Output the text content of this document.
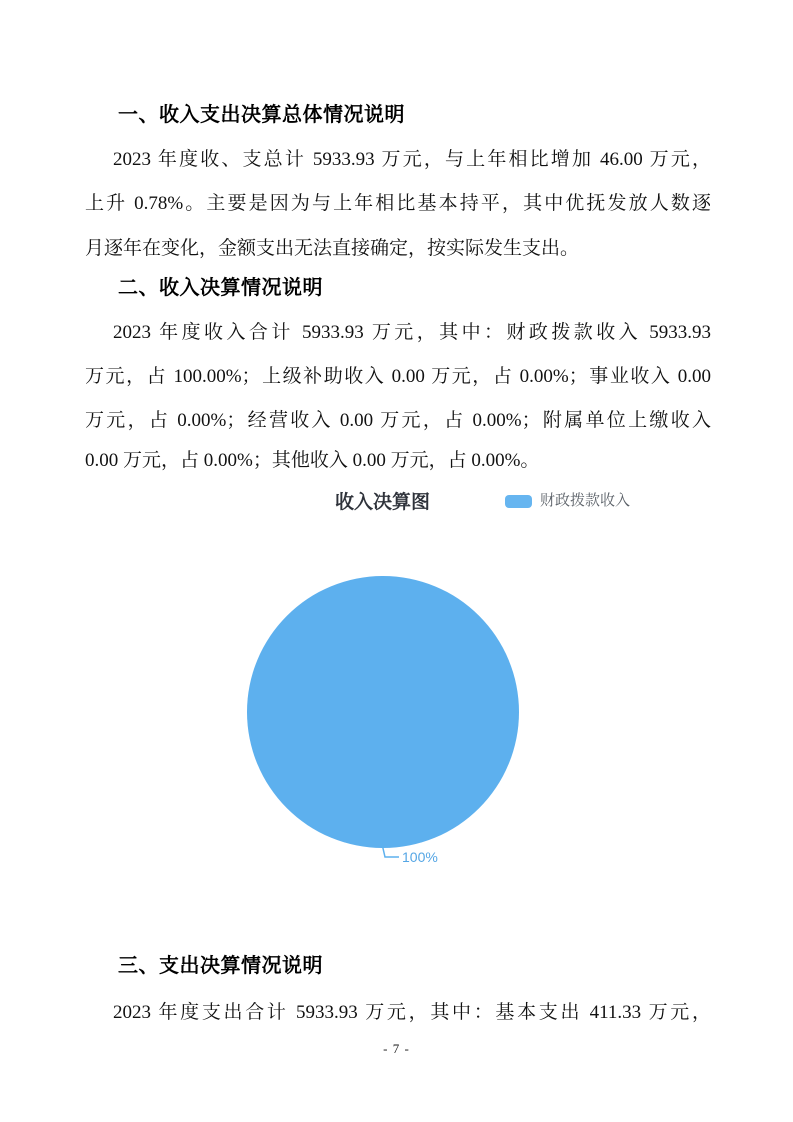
一、收入支出决算总体情况说明
2023 年度收、支总计 5933.93 万元，与上年相比增加 46.00 万元，
上升 0.78%。主要是因为与上年相比基本持平，其中优抚发放人数逐
月逐年在变化，金额支出无法直接确定，按实际发生支出。
二、收入决算情况说明
2023 年度收入合计 5933.93 万元，其中：财政拨款收入 5933.93
万元，占 100.00%；上级补助收入 0.00 万元，占 0.00%；事业收入 0.00
万元，占 0.00%；经营收入 0.00 万元，占 0.00%；附属单位上缴收入
0.00 万元，占 0.00%；其他收入 0.00 万元，占 0.00%。
收入决算图	财政拨款收入
100%
三、支出决算情况说明
2023 年度支出合计 5933.93 万元，其中：基本支出 411.33 万元，
- 7 -
